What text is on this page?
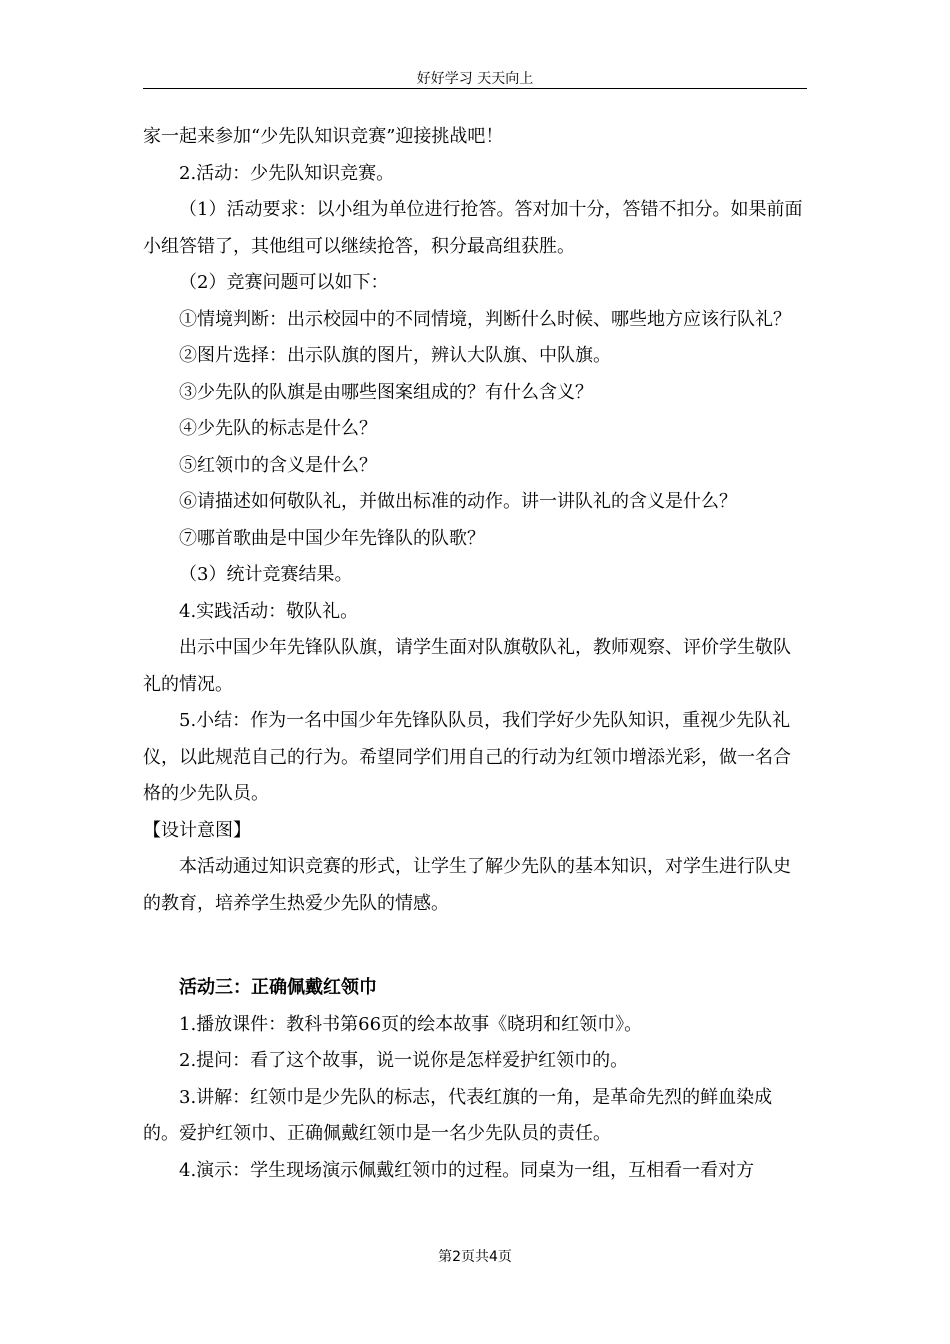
好好学习 天天向上

家一起来参加“少先队知识竞赛”迎接挑战吧！

2.活动：少先队知识竞赛。

（1）活动要求：以小组为单位进行抢答。答对加十分，答错不扣分。如果前面小组答错了，其他组可以继续抢答，积分最高组获胜。

（2）竞赛问题可以如下：

①情境判断：出示校园中的不同情境，判断什么时候、哪些地方应该行队礼？

②图片选择：出示队旗的图片，辨认大队旗、中队旗。

③少先队的队旗是由哪些图案组成的？有什么含义？

④少先队的标志是什么？

⑤红领巾的含义是什么？

⑥请描述如何敬队礼，并做出标准的动作。讲一讲队礼的含义是什么？

⑦哪首歌曲是中国少年先锋队的队歌？

（3）统计竞赛结果。

4.实践活动：敬队礼。

出示中国少年先锋队队旗，请学生面对队旗敬队礼，教师观察、评价学生敬队礼的情况。

5.小结：作为一名中国少年先锋队队员，我们学好少先队知识，重视少先队礼仪，以此规范自己的行为。希望同学们用自己的行动为红领巾增添光彩，做一名合格的少先队员。

【设计意图】

本活动通过知识竞赛的形式，让学生了解少先队的基本知识，对学生进行队史的教育，培养学生热爱少先队的情感。

活动三：正确佩戴红领巾

1.播放课件：教科书第66页的绘本故事《晓玥和红领巾》。

2.提问：看了这个故事，说一说你是怎样爱护红领巾的。

3.讲解：红领巾是少先队的标志，代表红旗的一角，是革命先烈的鲜血染成的。爱护红领巾、正确佩戴红领巾是一名少先队员的责任。

4.演示：学生现场演示佩戴红领巾的过程。同桌为一组，互相看一看对方

第2页共4页
